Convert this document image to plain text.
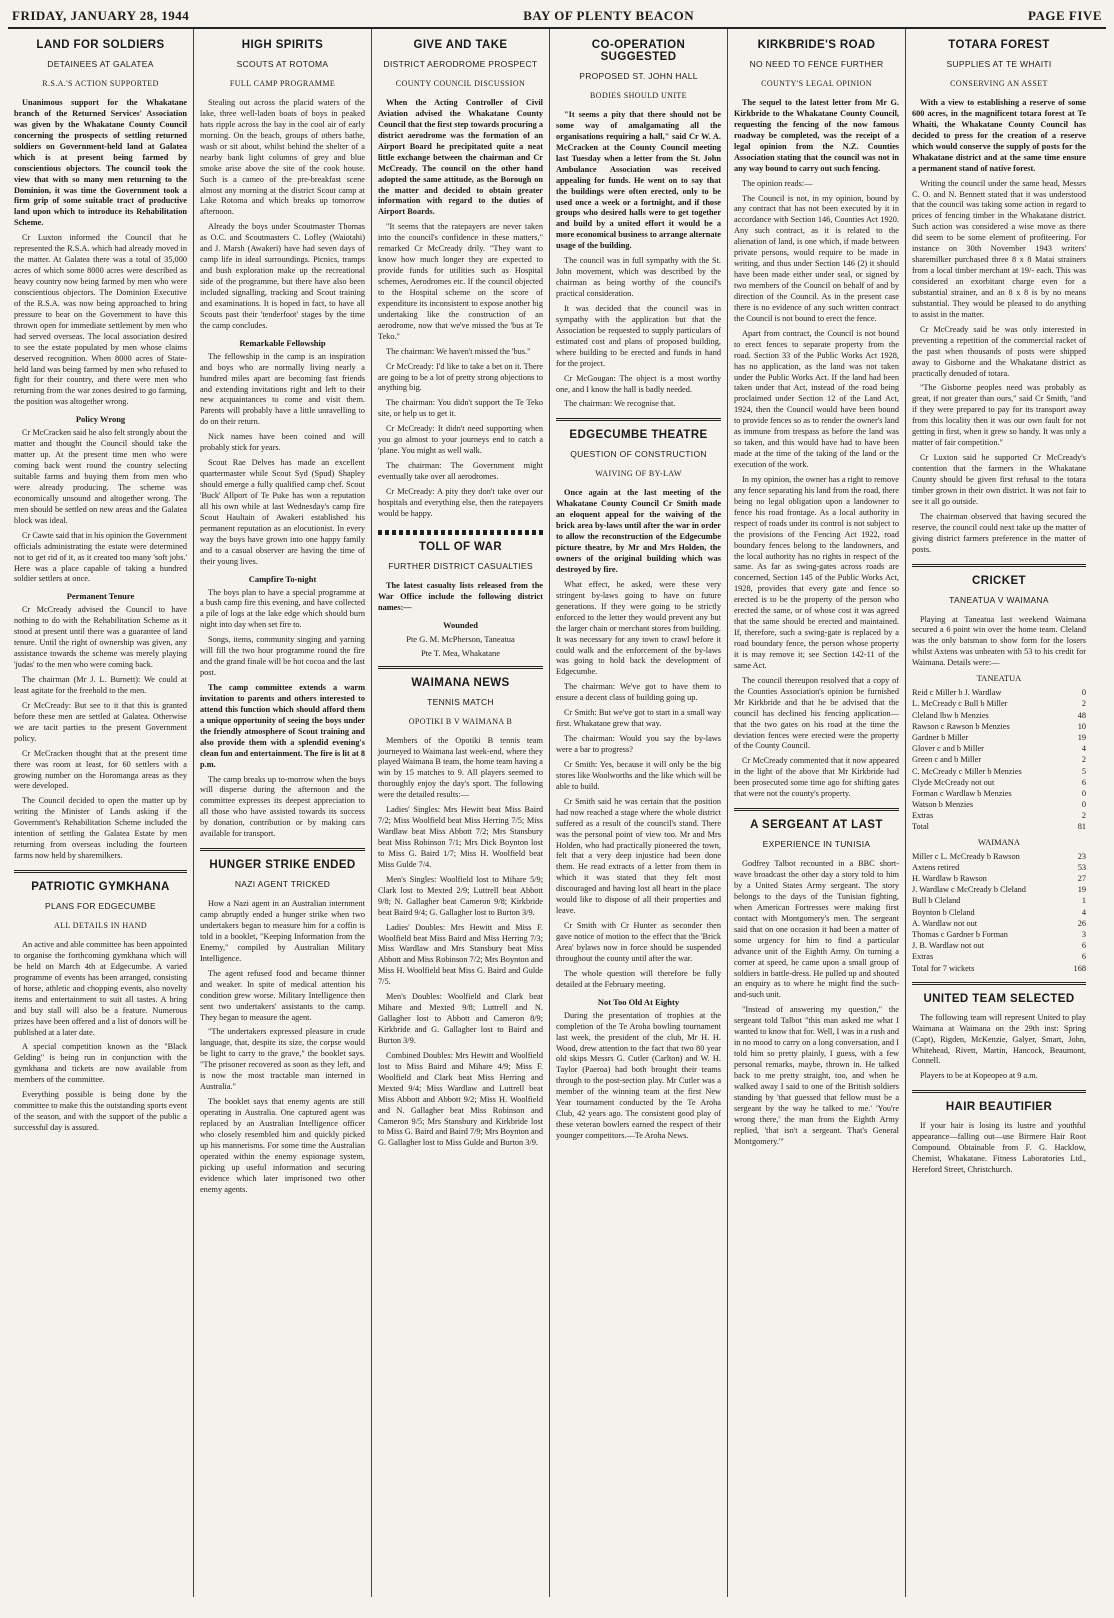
FRIDAY, JANUARY 28, 1944	BAY OF PLENTY BEACON	PAGE FIVE
LAND FOR SOLDIERS
DETAINEES AT GALATEA
R.S.A.'S ACTION SUPPORTED

Unanimous support for the Whakatane branch of the Returned Services' Association was given by the Whakatane County Council concerning the prospects of settling returned soldiers on Government-held land at Galatea which is at present being farmed by conscientious objectors. The council took the view that with so many men returning to the Dominion, it was time the Government took a firm grip of some suitable tract of productive land upon which to introduce its Rehabilitation Scheme.

Cr Luxton informed the Council that he represented the R.S.A. which had already moved in the matter. At Galatea there was a total of 35,000 acres of which some 8000 acres were described as heavy country now being farmed by men who were conscientious objectors. The Dominion Executive of the R.S.A. was now being approached to bring pressure to bear on the Government to have this thrown open for immediate settlement by men who had served overseas. The local association desired to see the estate populated by men whose claims deserved recognition. When 8000 acres of State-held land was being farmed by men who refused to fight for their country, and there were men who returning from the war zones desired to go farming, the position was altogether wrong.

Policy Wrong

Cr McCracken said he also felt strongly about the matter and thought the Council should take the matter up. At the present time men who were coming back went round the country selecting suitable farms and buying them from men who were already producing. The scheme was economically unsound and altogether wrong. The men should be settled on new areas and the Galatea block was ideal.

Cr Cawte said that in his opinion the Government officials administrating the estate were determined not to get rid of it, as it created too many 'soft jobs.' Here was a place capable of taking a hundred soldier settlers at once.

Permanent Tenure

Cr McCready advised the Council to have nothing to do with the Rehabilitation Scheme as it stood at present until there was a guarantee of land tenure. Until the right of ownership was given, any assistance towards the scheme was merely playing 'judas' to the men who were coming back.

The chairman (Mr J. L. Burnett): We could at least agitate for the freehold to the men.

Cr McCready: But see to it that this is granted before these men are settled at Galatea. Otherwise we are tacit parties to the present Government policy.

Cr McCracken thought that at the present time there was room at least, for 60 settlers with a growing number on the Horomanga areas as they were developed.

The Council decided to open the matter up by writing the Minister of Lands asking if the Government's Rehabilitation Scheme included the intention of settling the Galatea Estate by men returning from overseas including the fourteen farms now held by sharemilkers.

PATRIOTIC GYMKHANA
PLANS FOR EDGECUMBE
ALL DETAILS IN HAND

An active and able committee has been appointed to organise the forthcoming gymkhana which will be held on March 4th at Edgecumbe. A varied programme of events has been arranged, consisting of horse, athletic and chopping events, also novelty items and entertainment to suit all tastes. A bring and buy stall will also be a feature. Numerous prizes have been offered and a list of donors will be published at a later date.

A special competition known as the "Black Gelding" is being run in conjunction with the gymkhana and tickets are now available from members of the committee.

Everything possible is being done by the committee to make this the outstanding sports event of the season, and with the support of the public a successful day is assured.

HIGH SPIRITS
SCOUTS AT ROTOMA
FULL CAMP PROGRAMME

Stealing out across the placid waters of the lake, three well-laden boats of boys in peaked hats ripple across the bay in the cool air of early morning. On the beach, groups of others bathe, wash or sit about, whilst behind the shelter of a nearby bank light columns of grey and blue smoke arise above the site of the cook house. Such is a cameo of the pre-breakfast scene almost any morning at the district Scout camp at Lake Rotoma and which breaks up tomorrow afternoon.

Already the boys under Scoutmaster Thomas as O.C. and Scoutmasters C. Lofley (Waiotahi) and J. Marsh (Awakeri) have had seven days of camp life in ideal surroundings. Picnics, tramps and bush exploration make up the recreational side of the programme, but there have also been included signalling, tracking and Scout training and examinations. It is hoped in fact, to have all Scouts past their 'tenderfoot' stages by the time the camp concludes.

Remarkable Fellowship

The fellowship in the camp is an inspiration and boys who are normally living nearly a hundred miles apart are becoming fast friends and extending invitations right and left to their new acquaintances to come and visit them. Parents will probably have a little unravelling to do on their return.

Nick names have been coined and will probably stick for years.

Scout Rae Delves has made an excellent quartermaster while Scout Syd (Spud) Shapley should emerge a fully qualified camp chef. Scout 'Buck' Allport of Te Puke has won a reputation all his own while at last Wednesday's camp fire Scout Haultain of Awakeri established his permanent reputation as an elocutionist. In every way the boys have grown into one happy family and to a casual observer are having the time of their young lives.

Campfire To-night

The boys plan to have a special programme at a bush camp fire this evening, and have collected a pile of logs at the lake edge which should burn night into day when set fire to.

Songs, items, community singing and yarning will fill the two hour programme round the fire and the grand finale will be hot cocoa and the last post.

The camp committee extends a warm invitation to parents and others interested to attend this function which should afford them a unique opportunity of seeing the boys under the friendly atmosphere of Scout training and also provide them with a splendid evening's clean fun and entertainment. The fire is lit at 8 p.m.

The camp breaks up to-morrow when the boys will disperse during the afternoon and the committee expresses its deepest appreciation to all those who have assisted towards its success by donation, contribution or by making cars available for transport.

HUNGER STRIKE ENDED
NAZI AGENT TRICKED

How a Nazi agent in an Australian internment camp abruptly ended a hunger strike when two undertakers began to measure him for a coffin is told in a booklet, "Keeping Information from the Enemy," compiled by Australian Military Intelligence.

The agent refused food and became thinner and weaker. In spite of medical attention his condition grew worse. Military Intelligence then sent two undertakers' assistants to the camp. They began to measure the agent.

"The undertakers expressed pleasure in crude language, that, despite its size, the corpse would be light to carry to the grave," the booklet says. "The prisoner recovered as soon as they left, and is now the most tractable man interned in Australia."

The booklet says that enemy agents are still operating in Australia. One captured agent was replaced by an Australian Intelligence officer who closely resembled him and quickly picked up his mannerisms. For some time the Australian operated within the enemy espionage system, picking up useful information and securing evidence which later imprisoned two other enemy agents.

GIVE AND TAKE
DISTRICT AERODROME PROSPECT
COUNTY COUNCIL DISCUSSION

When the Acting Controller of Civil Aviation advised the Whakatane County Council that the first step towards procuring a district aerodrome was the formation of an Airport Board he precipitated quite a neat little exchange between the chairman and Cr McCready. The council on the other hand adopted the same attitude, as the Borough on the matter and decided to obtain greater information with regard to the duties of Airport Boards.

"It seems that the ratepayers are never taken into the council's confidence in these matters," remarked Cr McCready drily. "They want to know how much longer they are expected to provide funds for utilities such as Hospital schemes, Aerodromes etc. If the council objected to the Hospital scheme on the score of expenditure its inconsistent to expose another big undertaking like the construction of an aerodrome, now that we've missed the 'bus at Te Teko."

The chairman: We haven't missed the 'bus."

Cr McCready: I'd like to take a bet on it. There are going to be a lot of pretty strong objections to anything big.

The chairman: You didn't support the Te Teko site, or help us to get it.

Cr McCready: It didn't need supporting when you go almost to your journeys end to catch a 'plane. You might as well walk.

The chairman: The Government might eventually take over all aerodromes.

Cr McCready: A pity they don't take over our hospitals and everything else, then the ratepayers would be happy.

TOLL OF WAR
FURTHER DISTRICT CASUALTIES

The latest casualty lists released from the War Office include the following district names:—

Wounded
Pte G. M. McPherson, Taneatua
Pte T. Mea, Whakatane
WAIMANA NEWS
TENNIS MATCH
OPOTIKI B V WAIMANA B

Members of the Opotiki B tennis team journeyed to Waimana last week-end, where they played Waimana B team, the home team having a win by 15 matches to 9. All players seemed to thoroughly enjoy the day's sport. The following were the detailed results:—

Ladies' Singles: Mrs Hewitt beat Miss Baird 7/2; Miss Woolfield beat Miss Herring 7/5; Miss Wardlaw beat Miss Abbott 7/2; Mrs Stansbury beat Miss Robinson 7/1; Mrs Dick Boynton lost to Miss G. Baird 1/7; Miss H. Woolfield beat Miss Gulde 7/4.

Men's Singles: Woolfield lost to Mihare 5/9; Clark lost to Mexted 2/9; Luttrell beat Abbott 9/8; N. Gallagher beat Cameron 9/8; Kirkbride beat Baird 9/4; G. Gallagher lost to Burton 3/9.

Ladies' Doubles: Mrs Hewitt and Miss F. Woolfield beat Miss Baird and Miss Herring 7/3; Miss Wardlaw and Mrs Stansbury beat Miss Abbott and Miss Robinson 7/2; Mrs Boynton and Miss H. Woolfield beat Miss G. Baird and Gulde 7/5.

Men's Doubles: Woolfield and Clark beat Mihare and Mexted 9/8; Luttrell and N. Gallagher lost to Abbott and Cameron 8/9; Kirkbride and G. Gallagher lost to Baird and Burton 3/9.

Combined Doubles: Mrs Hewitt and Woolfield lost to Miss Baird and Mihare 4/9; Miss F. Woolfield and Clark beat Miss Herring and Mexted 9/4; Miss Wardlaw and Luttrell beat Miss Abbott and Abbott 9/2; Miss H. Woolfield and N. Gallagher beat Miss Robinson and Cameron 9/5; Mrs Stansbury and Kirkbride lost to Miss G. Baird and Baird 7/9; Mrs Boynton and G. Gallagher lost to Miss Gulde and Burton 3/9.

CO-OPERATION SUGGESTED
PROPOSED ST. JOHN HALL
BODIES SHOULD UNITE

"It seems a pity that there should not be some way of amalgamating all the organisations requiring a hall," said Cr W. A. McCracken at the County Council meeting last Tuesday when a letter from the St. John Ambulance Association was received appealing for funds. He went on to say that the buildings were often erected, only to be used once a week or a fortnight, and if those groups who desired halls were to get together and build by a united effort it would be a more economical business to arrange alternate usage of the building.

The council was in full sympathy with the St. John movement, which was described by the chairman as being worthy of the council's practical consideration.

It was decided that the council was in sympathy with the application but that the Association be requested to supply particulars of estimated cost and plans of proposed building, where building to be erected and funds in hand for the project.

Cr McGougan: The object is a most worthy one, and I know the hall is badly needed.

The chairman: We recognise that.

EDGECUMBE THEATRE
QUESTION OF CONSTRUCTION
WAIVING OF BY-LAW

Once again at the last meeting of the Whakatane County Council Cr Smith made an eloquent appeal for the waiving of the brick area by-laws until after the war in order to allow the reconstruction of the Edgecumbe picture theatre, by Mr and Mrs Holden, the owners of the original building which was destroyed by fire.

What effect, he asked, were these very stringent by-laws going to have on future generations. If they were going to be strictly enforced to the letter they would prevent any but the larger chain or merchant stores from building. It was necessary for any town to crawl before it could walk and the enforcement of the by-laws was going to hold back the development of Edgecumbe.

The chairman: We've got to have them to ensure a decent class of building going up.

Cr Smith: But we've got to start in a small way first. Whakatane grew that way.

The chairman: Would you say the by-laws were a bar to progress?

Cr Smith: Yes, because it will only be the big stores like Woolworths and the like which will be able to build.

Cr Smith said he was certain that the position had now reached a stage where the whole district suffered as a result of the council's stand. There was the personal point of view too. Mr and Mrs Holden, who had practically pioneered the town, felt that a very deep injustice had been done them. He read extracts of a letter from them in which it was stated that they felt most discouraged and having lost all heart in the place would like to dispose of all their properties and leave.

Cr Smith with Cr Hunter as seconder then gave notice of motion to the effect that the 'Brick Area' bylaws now in force should be suspended throughout the county until after the war.

The whole question will therefore be fully detailed at the February meeting.

Not Too Old At Eighty

During the presentation of trophies at the completion of the Te Aroha bowling tournament last week, the president of the club, Mr H. H. Wood, drew attention to the fact that two 80 year old skips Messrs G. Cutler (Carlton) and W. H. Taylor (Paeroa) had both brought their teams through to the post-section play. Mr Cutler was a member of the winning team at the first New Year tournament conducted by the Te Aroha Club, 42 years ago. The consistent good play of these veteran bowlers earned the respect of their younger competitors.—Te Aroha News.

KIRKBRIDE'S ROAD
NO NEED TO FENCE FURTHER
COUNTY'S LEGAL OPINION

The sequel to the latest letter from Mr G. Kirkbride to the Whakatane County Council, requesting the fencing of the now famous roadway be completed, was the receipt of a legal opinion from the N.Z. Counties Association stating that the council was not in any way bound to carry out such fencing.

The opinion reads:—

The Council is not, in my opinion, bound by any contract that has not been executed by it in accordance with Section 146, Counties Act 1920. Any such contract, as it is related to the alienation of land, is one which, if made between private persons, would require to be made in writing, and thus under Section 146 (2) it should have been made either under seal, or signed by two members of the Council on behalf of and by direction of the Council. As in the present case there is no evidence of any such written contract the Council is not bound to erect the fence.

Apart from contract, the Council is not bound to erect fences to separate property from the road. Section 33 of the Public Works Act 1928, has no application, as the land was not taken under the Public Works Act. If the land had been taken under that Act, instead of the road being proclaimed under Section 12 of the Land Act, 1924, then the Council would have been bound to provide fences so as to render the owner's land as immune from trespass as before the land was so taken, and this would have had to have been made at the time of the taking of the land or the execution of the work.

In my opinion, the owner has a right to remove any fence separating his land from the road, there being no legal obligation upon a landowner to fence his road frontage. As a local authority in respect of roads under its control is not subject to the provisions of the Fencing Act 1922, road boundary fences belong to the landowners, and the local authority has no rights in respect of the same. As far as swing-gates across roads are concerned, Section 145 of the Public Works Act, 1928, provides that every gate and fence so erected is to be the property of the person who erected the same, or of whose cost it was agreed that the same should be erected and maintained. If, therefore, such a swing-gate is replaced by a road boundary fence, the person whose property it is may remove it; see Section 142-11 of the same Act.

The council thereupon resolved that a copy of the Counties Association's opinion be furnished Mr Kirkbride and that he be advised that the council has declined his fencing application—that the two gates on his road at the time the deviation fences were erected were the property of the County Council.

Cr McCready commented that it now appeared in the light of the above that Mr Kirkbride had been prosecuted some time ago for shifting gates that were not the county's property.

A SERGEANT AT LAST
EXPERIENCE IN TUNISIA

Godfrey Talbot recounted in a BBC short-wave broadcast the other day a story told to him by a United States Army sergeant. The story belongs to the days of the Tunisian fighting, when American Fortresses were making first contact with Montgomery's men. The sergeant said that on one occasion it had been a matter of some urgency for him to find a particular advance unit of the Eighth Army. On turning a corner at speed, he came upon a small group of soldiers in battle-dress. He pulled up and shouted an enquiry as to where he might find the such-and-such unit.

"Instead of answering my question," the sergeant told Talbot "this man asked me what I wanted to know that for. Well, I was in a rush and in no mood to carry on a long conversation, and I told him so pretty plainly, I guess, with a few personal remarks, maybe, thrown in. He talked back to me pretty straight, too, and when he walked away I said to one of the British soldiers standing by 'that guessed that fellow must be a sergeant by the way he talked to me.' 'You're wrong there,' the man from the Eighth Army replied, 'that isn't a sergeant. That's General Montgomery.'"

TOTARA FOREST
SUPPLIES AT TE WHAITI
CONSERVING AN ASSET

With a view to establishing a reserve of some 600 acres, in the magnificent totara forest at Te Whaiti, the Whakatane County Council has decided to press for the creation of a reserve which would conserve the supply of posts for the Whakatane district and at the same time ensure a permanent stand of native forest.

Writing the council under the same head, Messrs C. O. and N. Bennett stated that it was understood that the council was taking some action in regard to prices of fencing timber in the Whakatane district. Such action was considered a wise move as there did seem to be some element of profiteering. For instance on 30th November 1943 writers' sharemilker purchased three 8 x 8 Matai strainers from a local timber merchant at 19/- each. This was considered an exorbitant charge even for a substantial strainer, and an 8 x 8 is by no means substantial. They would be pleased to do anything to assist in the matter.

Cr McCready said he was only interested in preventing a repetition of the commercial racket of the past when thousands of posts were shipped away to Gisborne and the Whakatane district as practically denuded of totara.

"The Gisborne peoples need was probably as great, if not greater than ours," said Cr Smith, "and if they were prepared to pay for its transport away from this locality then it was our own fault for not getting in first, when it grew so handy. It was only a matter of fair competition."

Cr Luxton said he supported Cr McCready's contention that the farmers in the Whakatane County should be given first refusal to the totara timber grown in their own district. It was not fair to see it all go outside.

The chairman observed that having secured the reserve, the council could next take up the matter of giving district farmers preference in the matter of posts.

CRICKET
TANEATUA V WAIMANA

Playing at Taneatua last weekend Waimana secured a 6 point win over the home team. Cleland was the only batsman to show form for the losers whilst Axtens was unbeaten with 53 to his credit for Waimana. Details were:—

TANEATUA
Reid c Miller b J. Wardlaw	0
L. McCready c Bull b Miller	2
Cleland lbw b Menzies	48
Rawson c Rawson b Menzies	10
Gardner b Miller	19
Glover c and b Miller	4
Green c and b Miller	2
C. McCready c Miller b Menzies	5
Clyde McCready not out	6
Forman c Wardlaw b Menzies	0
Watson b Menzies	0
Extras	2
Total	81
WAIMANA
Miller c L. McCready b Rawson	23
Axtens retired	53
H. Wardlaw b Rawson	27
J. Wardlaw c McCready b Cleland	19
Bull b Cleland	1
Boynton b Cleland	4
A. Wardlaw not out	26
Thomas c Gardner b Forman	3
J. B. Wardlaw not out	6
Extras	6
Total for 7 wickets	168
UNITED TEAM SELECTED

The following team will represent United to play Waimana at Waimana on the 29th inst: Spring (Capt), Rigden, McKenzie, Galyer, Smart, John, Whitehead, Rivett, Martin, Hancock, Beaumont, Connell.

Players to be at Kopeopeo at 9 a.m.

HAIR BEAUTIFIER

If your hair is losing its lustre and youthful appearance—falling out—use Birmere Hair Root Compound. Obtainable from F. G. Hacklow, Chemist, Whakatane. Fitness Laboratories Ltd., Hereford Street, Christchurch.
